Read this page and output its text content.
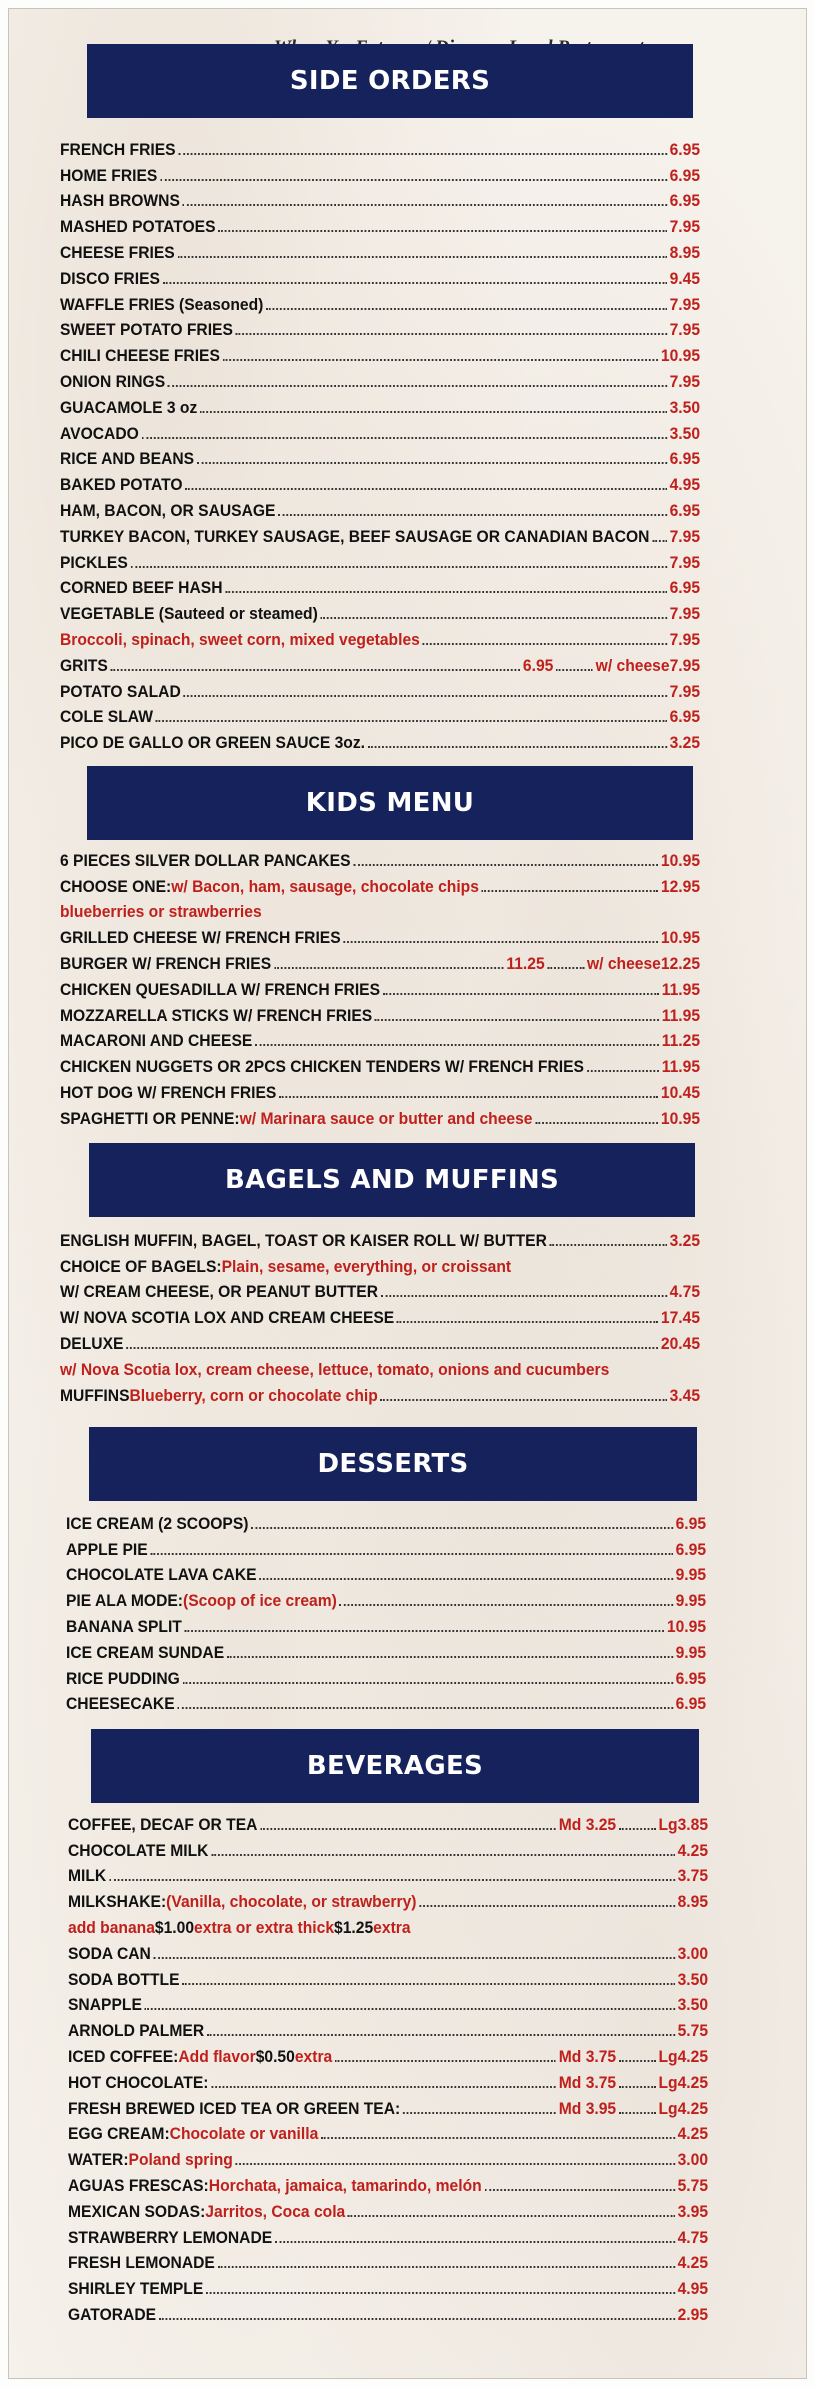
SIDE ORDERS
FRENCH FRIES	6.95
HOME FRIES	6.95
HASH BROWNS	6.95
MASHED POTATOES	7.95
CHEESE FRIES	8.95
DISCO FRIES	9.45
WAFFLE FRIES (Seasoned)	7.95
SWEET POTATO FRIES	7.95
CHILI CHEESE FRIES	10.95
ONION RINGS	7.95
GUACAMOLE 3 oz	3.50
AVOCADO	3.50
RICE AND BEANS	6.95
BAKED POTATO	4.95
HAM, BACON, OR SAUSAGE	6.95
TURKEY BACON, TURKEY SAUSAGE, BEEF SAUSAGE OR CANADIAN BACON 7.95
PICKLES	7.95
CORNED BEEF HASH	6.95
VEGETABLE (Sauteed or steamed)	7.95
Broccoli, spinach, sweet corn, mixed vegetables	7.95
GRITS	6.95 w/ cheese 7.95
POTATO SALAD	7.95
COLE SLAW	6.95
PICO DE GALLO OR GREEN SAUCE 3oz.	3.25
KIDS MENU
6 PIECES SILVER DOLLAR PANCAKES	10.95
CHOOSE ONE: w/ Bacon, ham, sausage, chocolate chips	12.95
blueberries or strawberries
GRILLED CHEESE W/ FRENCH FRIES	10.95
BURGER W/ FRENCH FRIES	11.25 w/ cheese 12.25
CHICKEN QUESADILLA W/ FRENCH FRIES	11.95
MOZZARELLA STICKS W/ FRENCH FRIES	11.95
MACARONI AND CHEESE	11.25
CHICKEN NUGGETS OR 2PCS CHICKEN TENDERS W/ FRENCH FRIES	11.95
HOT DOG W/ FRENCH FRIES	10.45
SPAGHETTI OR PENNE: w/ Marinara sauce or butter and cheese	10.95
BAGELS AND MUFFINS
ENGLISH MUFFIN, BAGEL, TOAST OR KAISER ROLL W/ BUTTER	3.25
CHOICE OF BAGELS: Plain, sesame, everything, or croissant
W/ CREAM CHEESE, OR PEANUT BUTTER	4.75
W/ NOVA SCOTIA LOX AND CREAM CHEESE	17.45
DELUXE	20.45
w/ Nova Scotia lox, cream cheese, lettuce, tomato, onions and cucumbers
MUFFINS Blueberry, corn or chocolate chip	3.45
DESSERTS
ICE CREAM (2 SCOOPS)	6.95
APPLE PIE	6.95
CHOCOLATE LAVA CAKE	9.95
PIE ALA MODE: (Scoop of ice cream)	9.95
BANANA SPLIT	10.95
ICE CREAM SUNDAE	9.95
RICE PUDDING	6.95
CHEESECAKE	6.95
BEVERAGES
COFFEE, DECAF OR TEA	Md 3.25 Lg 3.85
CHOCOLATE MILK	4.25
MILK	3.75
MILKSHAKE: (Vanilla, chocolate, or strawberry)	8.95
add banana $1.00 extra or extra thick $1.25 extra
SODA CAN	3.00
SODA BOTTLE	3.50
SNAPPLE	3.50
ARNOLD PALMER	5.75
ICED COFFEE: Add flavor $0.50 extra	Md 3.75 Lg 4.25
HOT CHOCOLATE:	Md 3.75 Lg 4.25
FRESH BREWED ICED TEA OR GREEN TEA:	Md 3.95 Lg 4.25
EGG CREAM: Chocolate or vanilla	4.25
WATER: Poland spring	3.00
AGUAS FRESCAS: Horchata, jamaica, tamarindo, melón	5.75
MEXICAN SODAS: Jarritos, Coca cola	3.95
STRAWBERRY LEMONADE	4.75
FRESH LEMONADE	4.25
SHIRLEY TEMPLE	4.95
GATORADE	2.95
